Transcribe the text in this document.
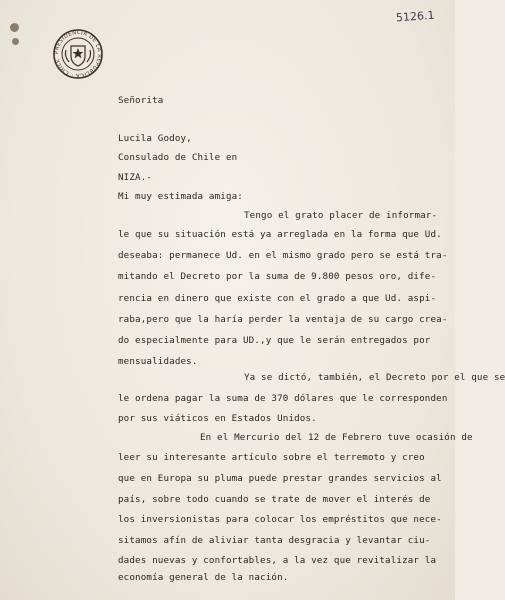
PRESIDENCIA DE LA REPUBLICA · CHILE
5126.1
Señorita
Lucila Godoy,
Consulado de Chile en
NIZA.-
Mi muy estimada amiga:
Tengo el grato placer de informar-
le que su situación está ya arreglada en la forma que Ud.
deseaba: permanece Ud. en el mismo grado pero se está tra-
mitando el Decreto por la suma de 9.800 pesos oro, dife-
rencia en dinero que existe con el grado a que Ud. aspi-
raba,pero que la haría perder la ventaja de su cargo crea-
do especialmente para UD.,y que le serán entregados por
mensualidades.
Ya se dictó, también, el Decreto por el que se
le ordena pagar la suma de 370 dólares que le corresponden
por sus viáticos en Estados Unidos.
En el Mercurio del 12 de Febrero tuve ocasión de
leer su interesante artículo sobre el terremoto y creo
que en Europa su pluma puede prestar grandes servicios al
país, sobre todo cuando se trate de mover el interés de
los inversionistas para colocar los empréstitos que nece-
sitamos afín de aliviar tanta desgracia y levantar ciu-
dades nuevas y confortables, a la vez que revitalizar la
economía general de la nación.
